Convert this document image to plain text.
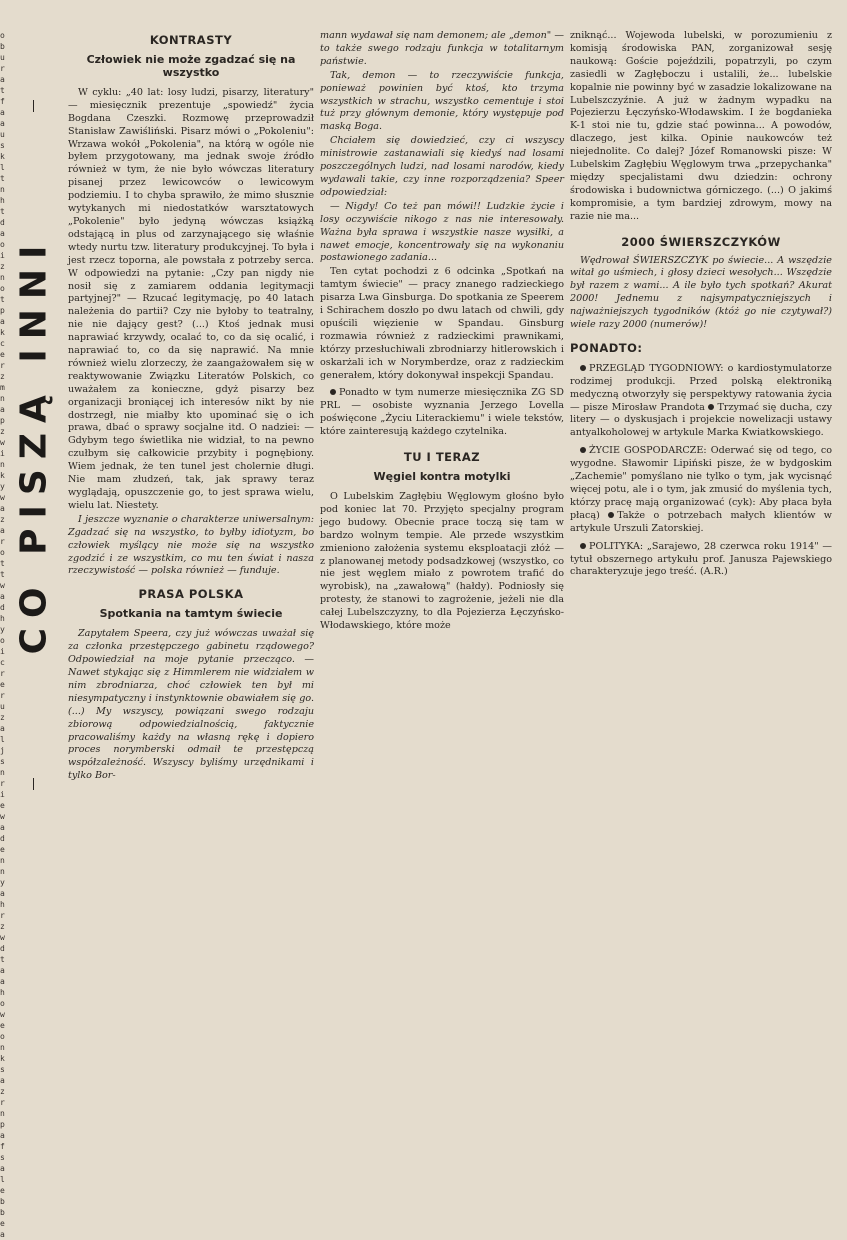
o b u r a t f a a u s k l t n h t d a o i z n o t p a k c e r z m n a p z w i n k y w a z a r o t t w a d h y o i c r e r u z a l j s n r i e w a d e n n y a h r z w d t a a h o w e o n k s a z r n p a f s a l e b b e a
CO PISZĄ INNI
KONTRASTY
Człowiek nie może zgadzać się na wszystko

W cyklu: „40 lat: losy ludzi, pisarzy, literatury" — miesięcznik prezentuje „spowiedź" życia Bogdana Czeszki. Rozmowę przeprowadził Stanisław Zawiśliński. Pisarz mówi o „Pokoleniu": Wrzawa wokół „Pokolenia", na którą w ogóle nie byłem przygotowany, ma jednak swoje źródło również w tym, że nie było wówczas literatury pisanej przez lewicowców o lewicowym podziemiu. I to chyba sprawiło, że mimo słusznie wytykanych mi niedostatków warsztatowych „Pokolenie" było jedyną wówczas książką odstającą in plus od zarzynającego się właśnie wtedy nurtu tzw. literatury produkcyjnej. To była i jest rzecz toporna, ale powstała z potrzeby serca. W odpowiedzi na pytanie: „Czy pan nigdy nie nosił się z zamiarem oddania legitymacji partyjnej?" — Rzucać legitymację, po 40 latach należenia do partii? Czy nie byłoby to teatralny, nie nie dający gest? (...) Ktoś jednak musi naprawiać krzywdy, ocalać to, co da się ocalić, i naprawiać to, co da się naprawić. Na mnie również wielu zlorzeczy, że zaangażowałem się w reaktywowanie Związku Literatów Polskich, co uważałem za konieczne, gdyż pisarzy bez organizacji broniącej ich interesów nikt by nie dostrzegł, nie miałby kto upominać się o ich prawa, dbać o sprawy socjalne itd. O nadziei: — Gdybym tego świetlika nie widział, to na pewno czułbym się całkowicie przybity i pognębiony. Wiem jednak, że ten tunel jest cholernie długi. Nie mam złudzeń, tak, jak sprawy teraz wyglądają, opuszczenie go, to jest sprawa wielu, wielu lat. Niestety.

I jeszcze wyznanie o charakterze uniwersalnym: Zgadzać się na wszystko, to byłby idiotyzm, bo człowiek myślący nie może się na wszystko zgodzić i ze wszystkim, co mu ten świat i nasza rzeczywistość — polska również — funduje.

PRASA POLSKA
Spotkania na tamtym świecie

Zapytałem Speera, czy już wówczas uważał się za członka przestępczego gabinetu rządowego? Odpowiedział na moje pytanie przecząco. — Nawet stykając się z Himmlerem nie widziałem w nim zbrodniarza, choć człowiek ten był mi niesympatyczny i instynktownie obawiałem się go. (...) My wszyscy, powiązani swego rodzaju zbiorową odpowiedzialnością, faktycznie pracowaliśmy każdy na własną rękę i dopiero proces norymberski odmaił te przestępczą współzależność. Wszyscy byliśmy urzędnikami i tylko Bor-

mann wydawał się nam demonem; ale „demon" — to także swego rodzaju funkcja w totalitarnym państwie.

Tak, demon — to rzeczywiście funkcja, ponieważ powinien być ktoś, kto trzyma wszystkich w strachu, wszystko cementuje i stoi tuż przy głównym demonie, który występuje pod maską Boga.

Chciałem się dowiedzieć, czy ci wszyscy ministrowie zastanawiali się kiedyś nad losami poszczególnych ludzi, nad losami narodów, kiedy wydawali takie, czy inne rozporządzenia? Speer odpowiedział:

— Nigdy! Co też pan mówi!! Ludzkie życie i losy oczywiście nikogo z nas nie interesowały. Ważna była sprawa i wszystkie nasze wysiłki, a nawet emocje, koncentrowały się na wykonaniu postawionego zadania...

Ten cytat pochodzi z 6 odcinka „Spotkań na tamtym świecie" — pracy znanego radzieckiego pisarza Lwa Ginsburga. Do spotkania ze Speerem i Schirachem doszło po dwu latach od chwili, gdy opuścili więzienie w Spandau. Ginsburg rozmawia również z radzieckimi prawnikami, którzy przesłuchiwali zbrodniarzy hitlerowskich i oskarżali ich w Norymberdze, oraz z radzieckim generałem, który dokonywał inspekcji Spandau.

Ponadto w tym numerze miesięcznika ZG SD PRL — osobiste wyznania Jerzego Lovella poświęcone „Życiu Literackiemu" i wiele tekstów, które zainteresują każdego czytelnika.

TU I TERAZ
Węgiel kontra motylki

O Lubelskim Zagłębiu Węglowym głośno było pod koniec lat 70. Przyjęto specjalny program jego budowy. Obecnie prace toczą się tam w bardzo wolnym tempie. Ale przede wszystkim zmieniono założenia systemu eksploatacji złóż — z planowanej metody podsadzkowej (wszystko, co nie jest węglem miało z powrotem trafić do wyrobisk), na „zawałową" (hałdy). Podniosły się protesty, że stanowi to zagrożenie, jeżeli nie dla całej Lubelszczyzny, to dla Pojezierza Łęczyńsko-Włodawskiego, które może

zniknąć... Wojewoda lubelski, w porozumieniu z komisją środowiska PAN, zorganizował sesję naukową: Goście pojeździli, popatrzyli, po czym zasiedli w Zagłęboczu i ustalili, że... lubelskie kopalnie nie powinny być w zasadzie lokalizowane na Lubelszczyźnie. A już w żadnym wypadku na Pojezierzu Łęczyńsko-Włodawskim. I że bogdanieka K-1 stoi nie tu, gdzie stać powinna... A powodów, dlaczego, jest kilka. Opinie naukowców też niejednolite. Co dalej? Józef Romanowski pisze: W Lubelskim Zagłębiu Węglowym trwa „przepychanka" między specjalistami dwu dziedzin: ochrony środowiska i budownictwa górniczego. (...) O jakimś kompromisie, a tym bardziej zdrowym, mowy na razie nie ma...

2000 ŚWIERSZCZYKÓW

Wędrował ŚWIERSZCZYK po świecie... A wszędzie witał go uśmiech, i głosy dzieci wesołych... Wszędzie był razem z wami... A ile było tych spotkań? Akurat 2000! Jednemu z najsympatyczniejszych i najważniejszych tygodników (któż go nie czytywał?) wiele razy 2000 (numerów)!

PONADTO:

PRZEGLĄD TYGODNIOWY: o kardiostymulatorze rodzimej produkcji. Przed polską elektroniką medyczną otworzyły się perspektywy ratowania życia — pisze Mirosław Prandota Trzymać się ducha, czy litery — o dyskusjach i projekcie nowelizacji ustawy antyalkoholowej w artykule Marka Kwiatkowskiego.

ŻYCIE GOSPODARCZE: Oderwać się od tego, co wygodne. Sławomir Lipiński pisze, że w bydgoskim „Zachemie" pomyślano nie tylko o tym, jak wycisnąć więcej potu, ale i o tym, jak zmusić do myślenia tych, którzy pracę mają organizować (cyk): Aby płaca była płacą) Także o potrzebach małych klientów w artykule Urszuli Zatorskiej.

POLITYKA: „Sarajewo, 28 czerwca roku 1914" — tytuł obszernego artykułu prof. Janusza Pajewskiego charakteryzuje jego treść. (A.R.)
